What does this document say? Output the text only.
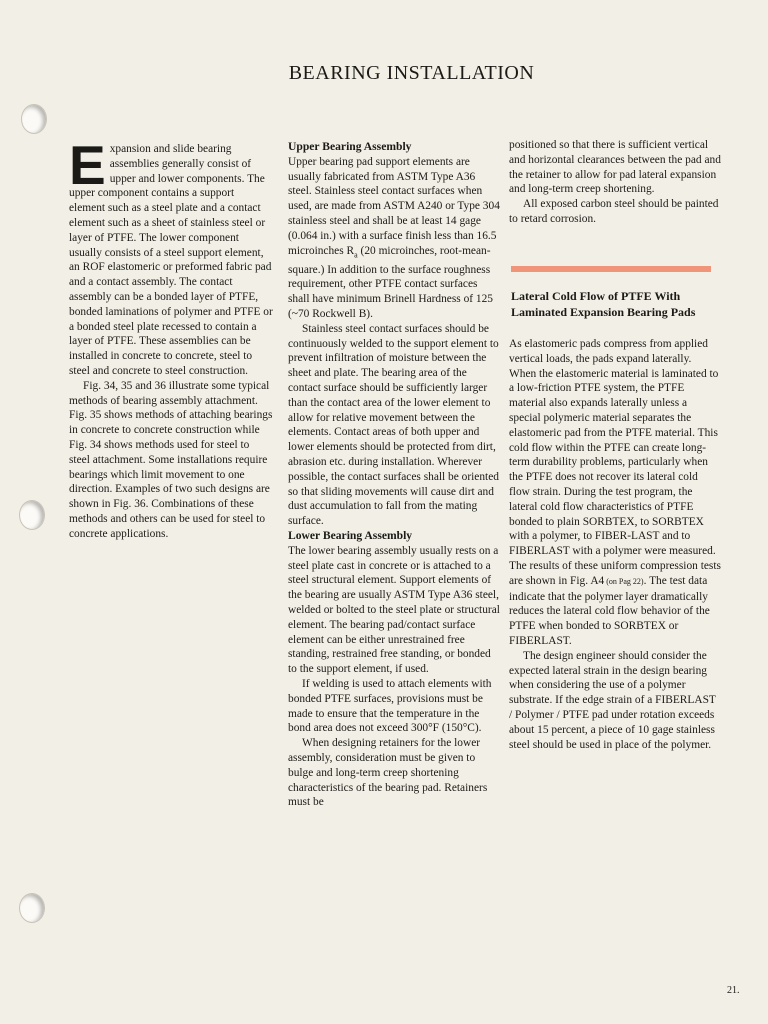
BEARING INSTALLATION

Expansion and slide bearing assemblies generally consist of upper and lower components. The upper component contains a support element such as a steel plate and a contact element such as a sheet of stainless steel or layer of PTFE. The lower component usually consists of a steel support element, an ROF elastomeric or preformed fabric pad and a contact assembly. The contact assembly can be a bonded layer of PTFE, bonded laminations of polymer and PTFE or a bonded steel plate recessed to contain a layer of PTFE. These assemblies can be installed in concrete to concrete, steel to steel and concrete to steel construction.

Fig. 34, 35 and 36 illustrate some typical methods of bearing assembly attachment. Fig. 35 shows methods of attaching bearings in concrete to concrete construction while Fig. 34 shows methods used for steel to steel attachment. Some installations require bearings which limit movement to one direction. Examples of two such designs are shown in Fig. 36. Combinations of these methods and others can be used for steel to concrete applications.

Upper Bearing Assembly

Upper bearing pad support elements are usually fabricated from ASTM Type A36 steel. Stainless steel contact surfaces when used, are made from ASTM A240 or Type 304 stainless steel and shall be at least 14 gage (0.064 in.) with a surface finish less than 16.5 microinches $R_a$ (20 microinches, root-mean-square.) In addition to the surface roughness requirement, other PTFE contact surfaces shall have minimum Brinell Hardness of 125 (~70 Rockwell B).

Stainless steel contact surfaces should be continuously welded to the support element to prevent infiltration of moisture between the sheet and plate. The bearing area of the contact surface should be sufficiently larger than the contact area of the lower element to allow for relative movement between the elements. Contact areas of both upper and lower elements should be protected from dirt, abrasion etc. during installation. Wherever possible, the contact surfaces shall be oriented so that sliding movements will cause dirt and dust accumulation to fall from the mating surface.

Lower Bearing Assembly

The lower bearing assembly usually rests on a steel plate cast in concrete or is attached to a steel structural element. Support elements of the bearing are usually ASTM Type A36 steel, welded or bolted to the steel plate or structural element. The bearing pad/contact surface element can be either unrestrained free standing, restrained free standing, or bonded to the support element, if used.

If welding is used to attach elements with bonded PTFE surfaces, provisions must be made to ensure that the temperature in the bond area does not exceed 300°F (150°C).

When designing retainers for the lower assembly, consideration must be given to bulge and long-term creep shortening characteristics of the bearing pad. Retainers must be

positioned so that there is sufficient vertical and horizontal clearances between the pad and the retainer to allow for pad lateral expansion and long-term creep shortening.

All exposed carbon steel should be painted to retard corrosion.

Lateral Cold Flow of PTFE With Laminated Expansion Bearing Pads

As elastomeric pads compress from applied vertical loads, the pads expand laterally. When the elastomeric material is laminated to a low-friction PTFE system, the PTFE material also expands laterally unless a special polymeric material separates the elastomeric pad from the PTFE material. This cold flow within the PTFE can create long-term durability problems, particularly when the PTFE does not recover its lateral cold flow strain. During the test program, the lateral cold flow characteristics of PTFE bonded to plain SORBTEX, to SORBTEX with a polymer, to FIBER-LAST and to FIBERLAST with a polymer were measured. The results of these uniform compression tests are shown in Fig. A4 (on Pag 22). The test data indicate that the polymer layer dramatically reduces the lateral cold flow behavior of the PTFE when bonded to SORBTEX or FIBERLAST.

The design engineer should consider the expected lateral strain in the design bearing when considering the use of a polymer substrate. If the edge strain of a FIBERLAST / Polymer / PTFE pad under rotation exceeds about 15 percent, a piece of 10 gage stainless steel should be used in place of the polymer.

21.
